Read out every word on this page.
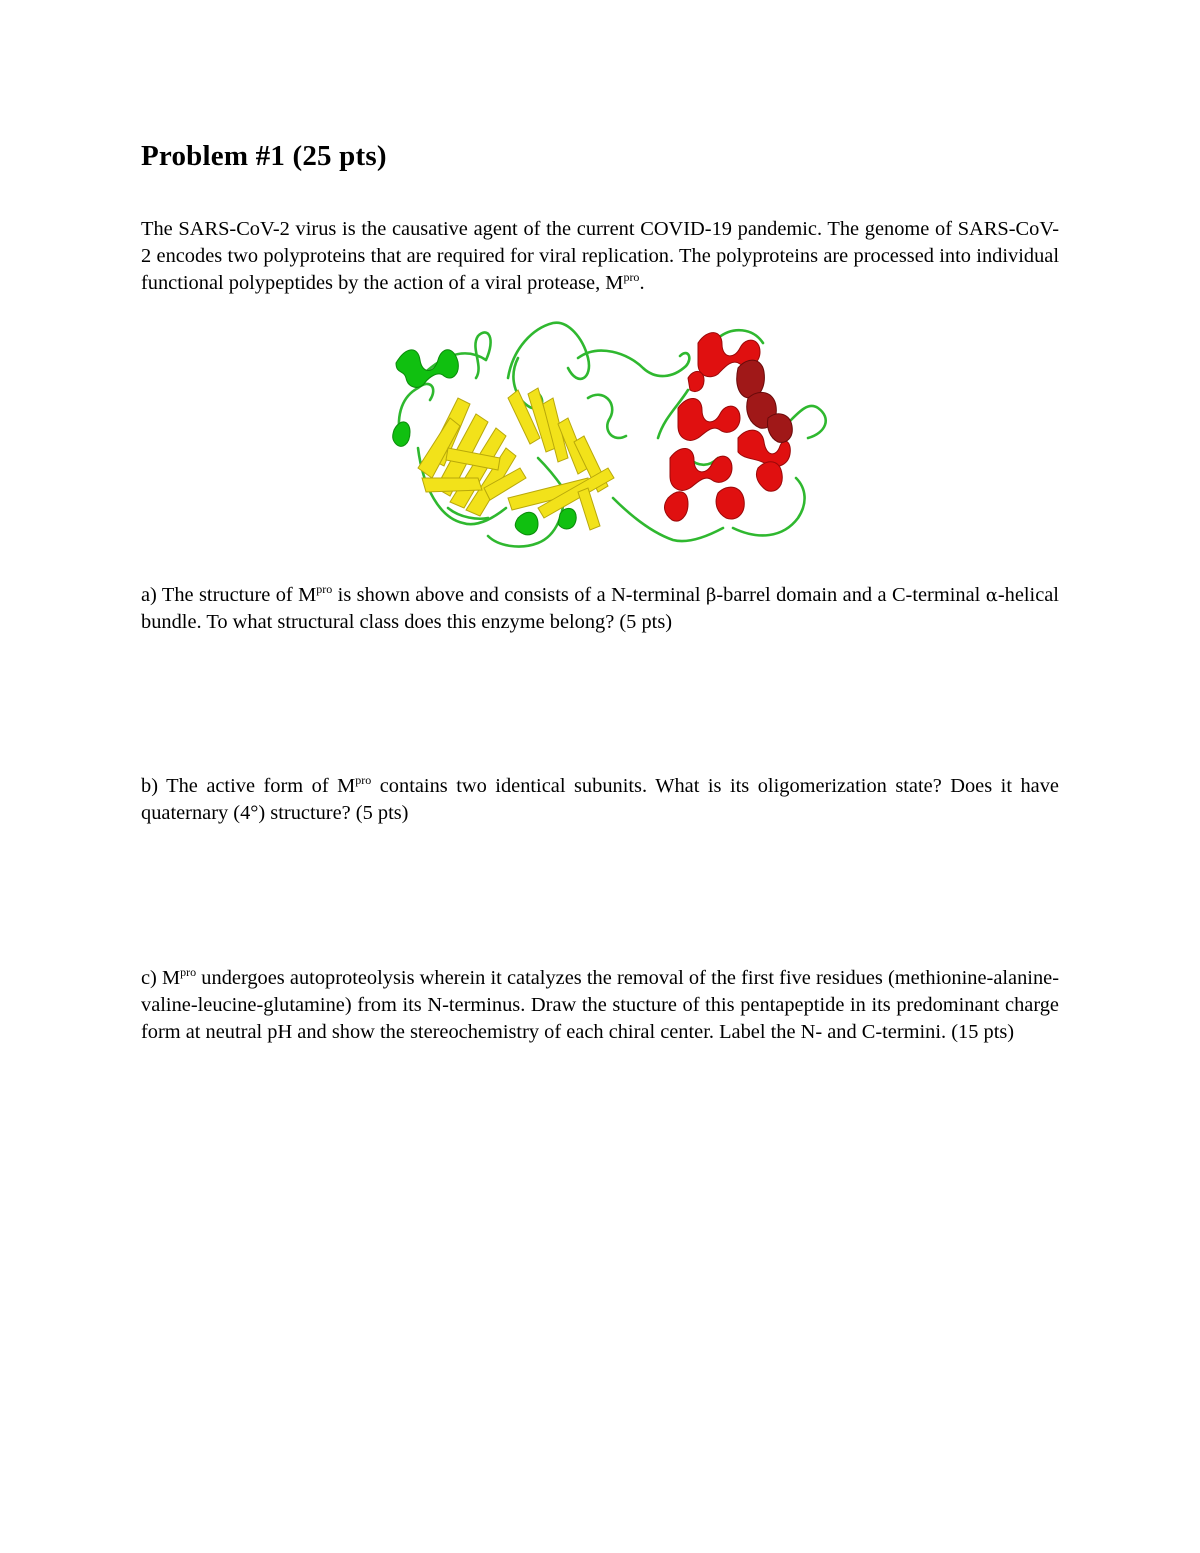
Problem #1 (25 pts)

The SARS-CoV-2 virus is the causative agent of the current COVID-19 pandemic. The genome of SARS-CoV-2 encodes two polyproteins that are required for viral replication. The polyproteins are processed into individual functional polypeptides by the action of a viral protease, $M^{pro}$.

a) The structure of $M^{pro}$ is shown above and consists of a N-terminal β-barrel domain and a C-terminal α-helical bundle. To what structural class does this enzyme belong? (5 pts)

b) The active form of $M^{pro}$ contains two identical subunits. What is its oligomerization state? Does it have quaternary (4°) structure? (5 pts)

c) $M^{pro}$ undergoes autoproteolysis wherein it catalyzes the removal of the first five residues (methionine-alanine-valine-leucine-glutamine) from its N-terminus. Draw the stucture of this pentapeptide in its predominant charge form at neutral pH and show the stereochemistry of each chiral center. Label the N- and C-termini. (15 pts)
